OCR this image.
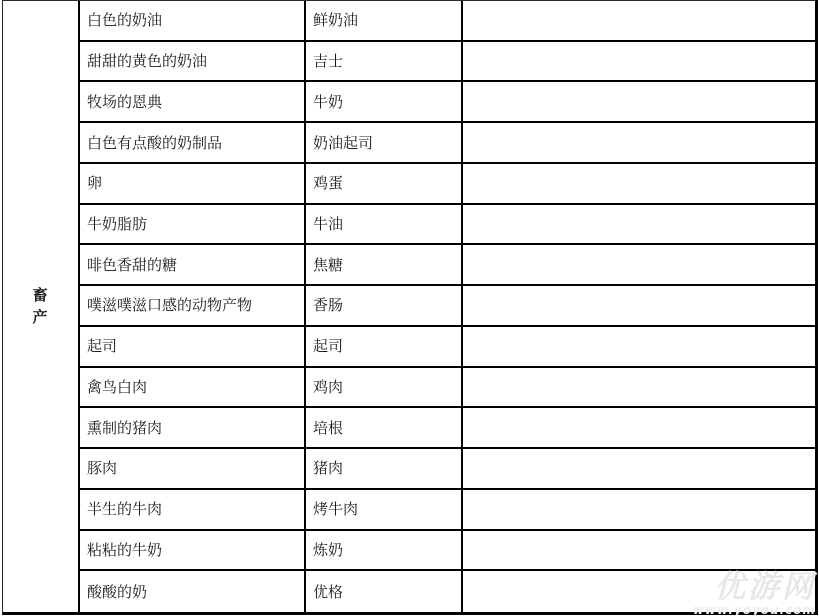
畜产
白色的奶油	鲜奶油
甜甜的黄色的奶油	吉士
牧场的恩典	牛奶
白色有点酸的奶制品	奶油起司
卵	鸡蛋
牛奶脂肪	牛油
啡色香甜的糖	焦糖
噗滋噗滋口感的动物产物	香肠
起司	起司
禽鸟白肉	鸡肉
熏制的猪肉	培根
豚肉	猪肉
半生的牛肉	烤牛肉
粘粘的牛奶	炼奶
酸酸的奶	优格	优游网
www.yoyou.com
